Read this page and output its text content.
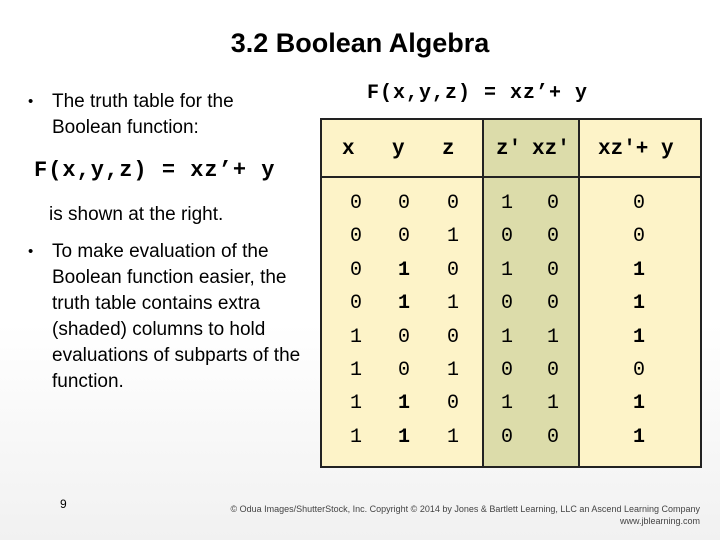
3.2 Boolean Algebra
• The truth table for the Boolean function:
F(x,y,z) = xz’+ y
is shown at the right.
• To make evaluation of the Boolean function easier, the truth table contains extra (shaded) columns to hold evaluations of subparts of the function.
F(x,y,z) = xz’+ y
x y z z' xz' xz'+ y
0	0	0	1	0	0
0	0	1	0	0	0
0	1	0	1	0	1
0	1	1	0	0	1
1	0	0	1	1	1
1	0	1	0	0	0
1	1	0	1	1	1
1	1	1	0	0	1
9	© Odua Images/ShutterStock, Inc. Copyright © 2014 by Jones & Bartlett Learning, LLC an Ascend Learning Company
www.jblearning.com
